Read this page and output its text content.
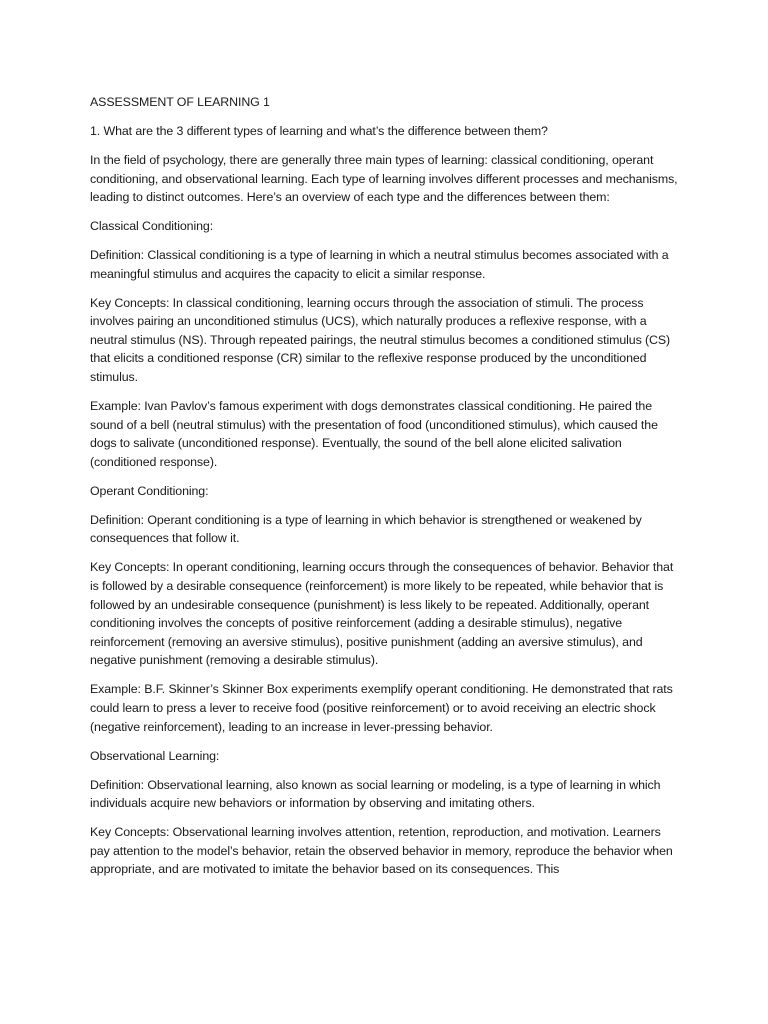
ASSESSMENT OF LEARNING 1

1. What are the 3 different types of learning and what’s the difference between them?

In the field of psychology, there are generally three main types of learning: classical conditioning, operant conditioning, and observational learning. Each type of learning involves different processes and mechanisms, leading to distinct outcomes. Here’s an overview of each type and the differences between them:

Classical Conditioning:

Definition: Classical conditioning is a type of learning in which a neutral stimulus becomes associated with a meaningful stimulus and acquires the capacity to elicit a similar response.

Key Concepts: In classical conditioning, learning occurs through the association of stimuli. The process involves pairing an unconditioned stimulus (UCS), which naturally produces a reflexive response, with a neutral stimulus (NS). Through repeated pairings, the neutral stimulus becomes a conditioned stimulus (CS) that elicits a conditioned response (CR) similar to the reflexive response produced by the unconditioned stimulus.

Example: Ivan Pavlov’s famous experiment with dogs demonstrates classical conditioning. He paired the sound of a bell (neutral stimulus) with the presentation of food (unconditioned stimulus), which caused the dogs to salivate (unconditioned response). Eventually, the sound of the bell alone elicited salivation (conditioned response).

Operant Conditioning:

Definition: Operant conditioning is a type of learning in which behavior is strengthened or weakened by consequences that follow it.

Key Concepts: In operant conditioning, learning occurs through the consequences of behavior. Behavior that is followed by a desirable consequence (reinforcement) is more likely to be repeated, while behavior that is followed by an undesirable consequence (punishment) is less likely to be repeated. Additionally, operant conditioning involves the concepts of positive reinforcement (adding a desirable stimulus), negative reinforcement (removing an aversive stimulus), positive punishment (adding an aversive stimulus), and negative punishment (removing a desirable stimulus).

Example: B.F. Skinner’s Skinner Box experiments exemplify operant conditioning. He demonstrated that rats could learn to press a lever to receive food (positive reinforcement) or to avoid receiving an electric shock (negative reinforcement), leading to an increase in lever-pressing behavior.

Observational Learning:

Definition: Observational learning, also known as social learning or modeling, is a type of learning in which individuals acquire new behaviors or information by observing and imitating others.

Key Concepts: Observational learning involves attention, retention, reproduction, and motivation. Learners pay attention to the model’s behavior, retain the observed behavior in memory, reproduce the behavior when appropriate, and are motivated to imitate the behavior based on its consequences. This
